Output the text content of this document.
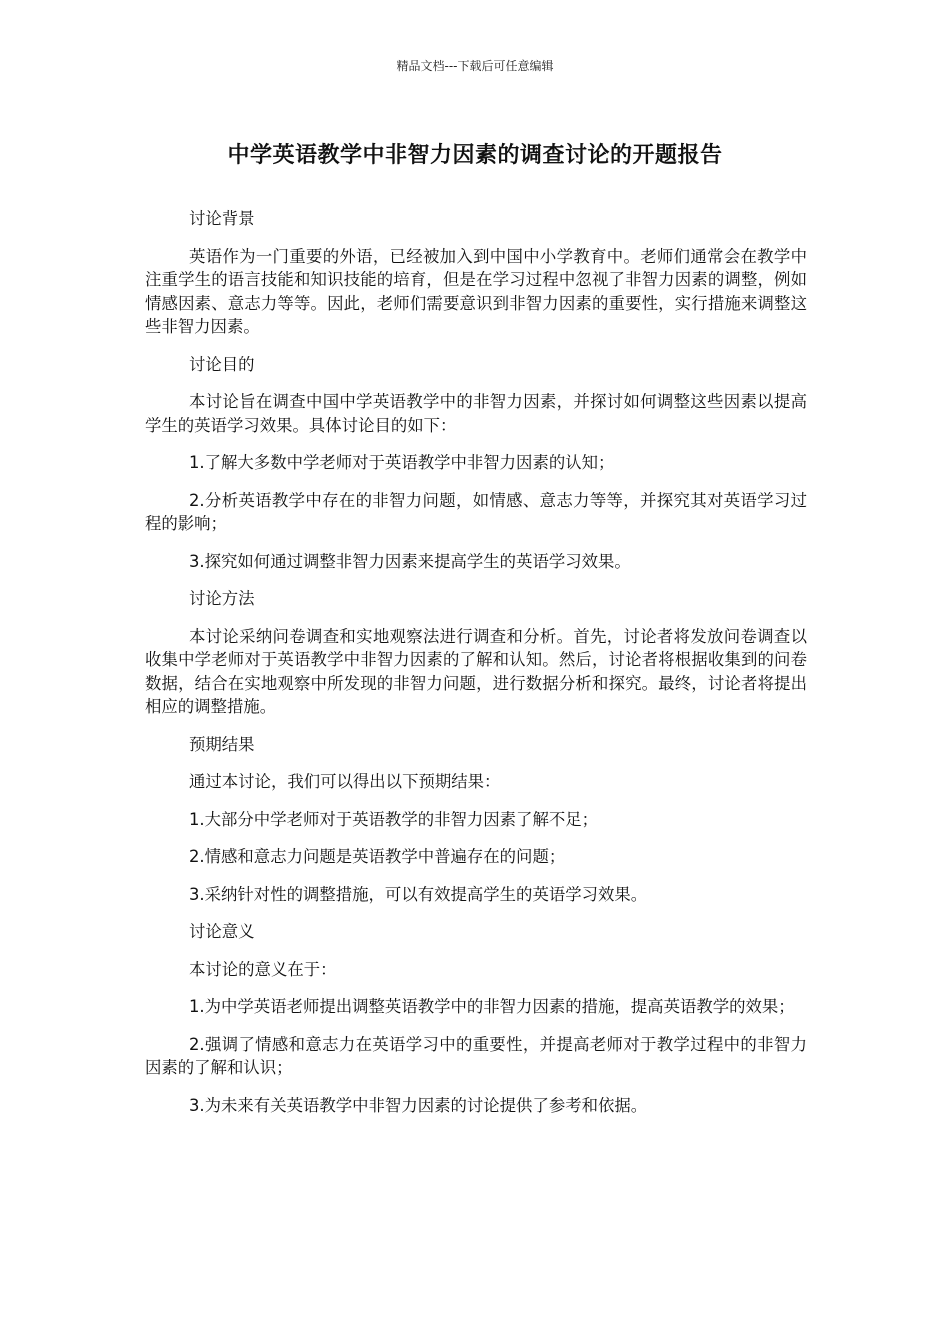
精品文档---下载后可任意编辑
中学英语教学中非智力因素的调查讨论的开题报告

讨论背景

英语作为一门重要的外语，已经被加入到中国中小学教育中。老师们通常会在教学中注重学生的语言技能和知识技能的培育，但是在学习过程中忽视了非智力因素的调整，例如情感因素、意志力等等。因此，老师们需要意识到非智力因素的重要性，实行措施来调整这些非智力因素。

讨论目的

本讨论旨在调查中国中学英语教学中的非智力因素，并探讨如何调整这些因素以提高学生的英语学习效果。具体讨论目的如下：

1.了解大多数中学老师对于英语教学中非智力因素的认知；

2.分析英语教学中存在的非智力问题，如情感、意志力等等，并探究其对英语学习过程的影响；

3.探究如何通过调整非智力因素来提高学生的英语学习效果。

讨论方法

本讨论采纳问卷调查和实地观察法进行调查和分析。首先，讨论者将发放问卷调查以收集中学老师对于英语教学中非智力因素的了解和认知。然后，讨论者将根据收集到的问卷数据，结合在实地观察中所发现的非智力问题，进行数据分析和探究。最终，讨论者将提出相应的调整措施。

预期结果

通过本讨论，我们可以得出以下预期结果：

1.大部分中学老师对于英语教学的非智力因素了解不足；

2.情感和意志力问题是英语教学中普遍存在的问题；

3.采纳针对性的调整措施，可以有效提高学生的英语学习效果。

讨论意义

本讨论的意义在于：

1.为中学英语老师提出调整英语教学中的非智力因素的措施，提高英语教学的效果；

2.强调了情感和意志力在英语学习中的重要性，并提高老师对于教学过程中的非智力因素的了解和认识；

3.为未来有关英语教学中非智力因素的讨论提供了参考和依据。
